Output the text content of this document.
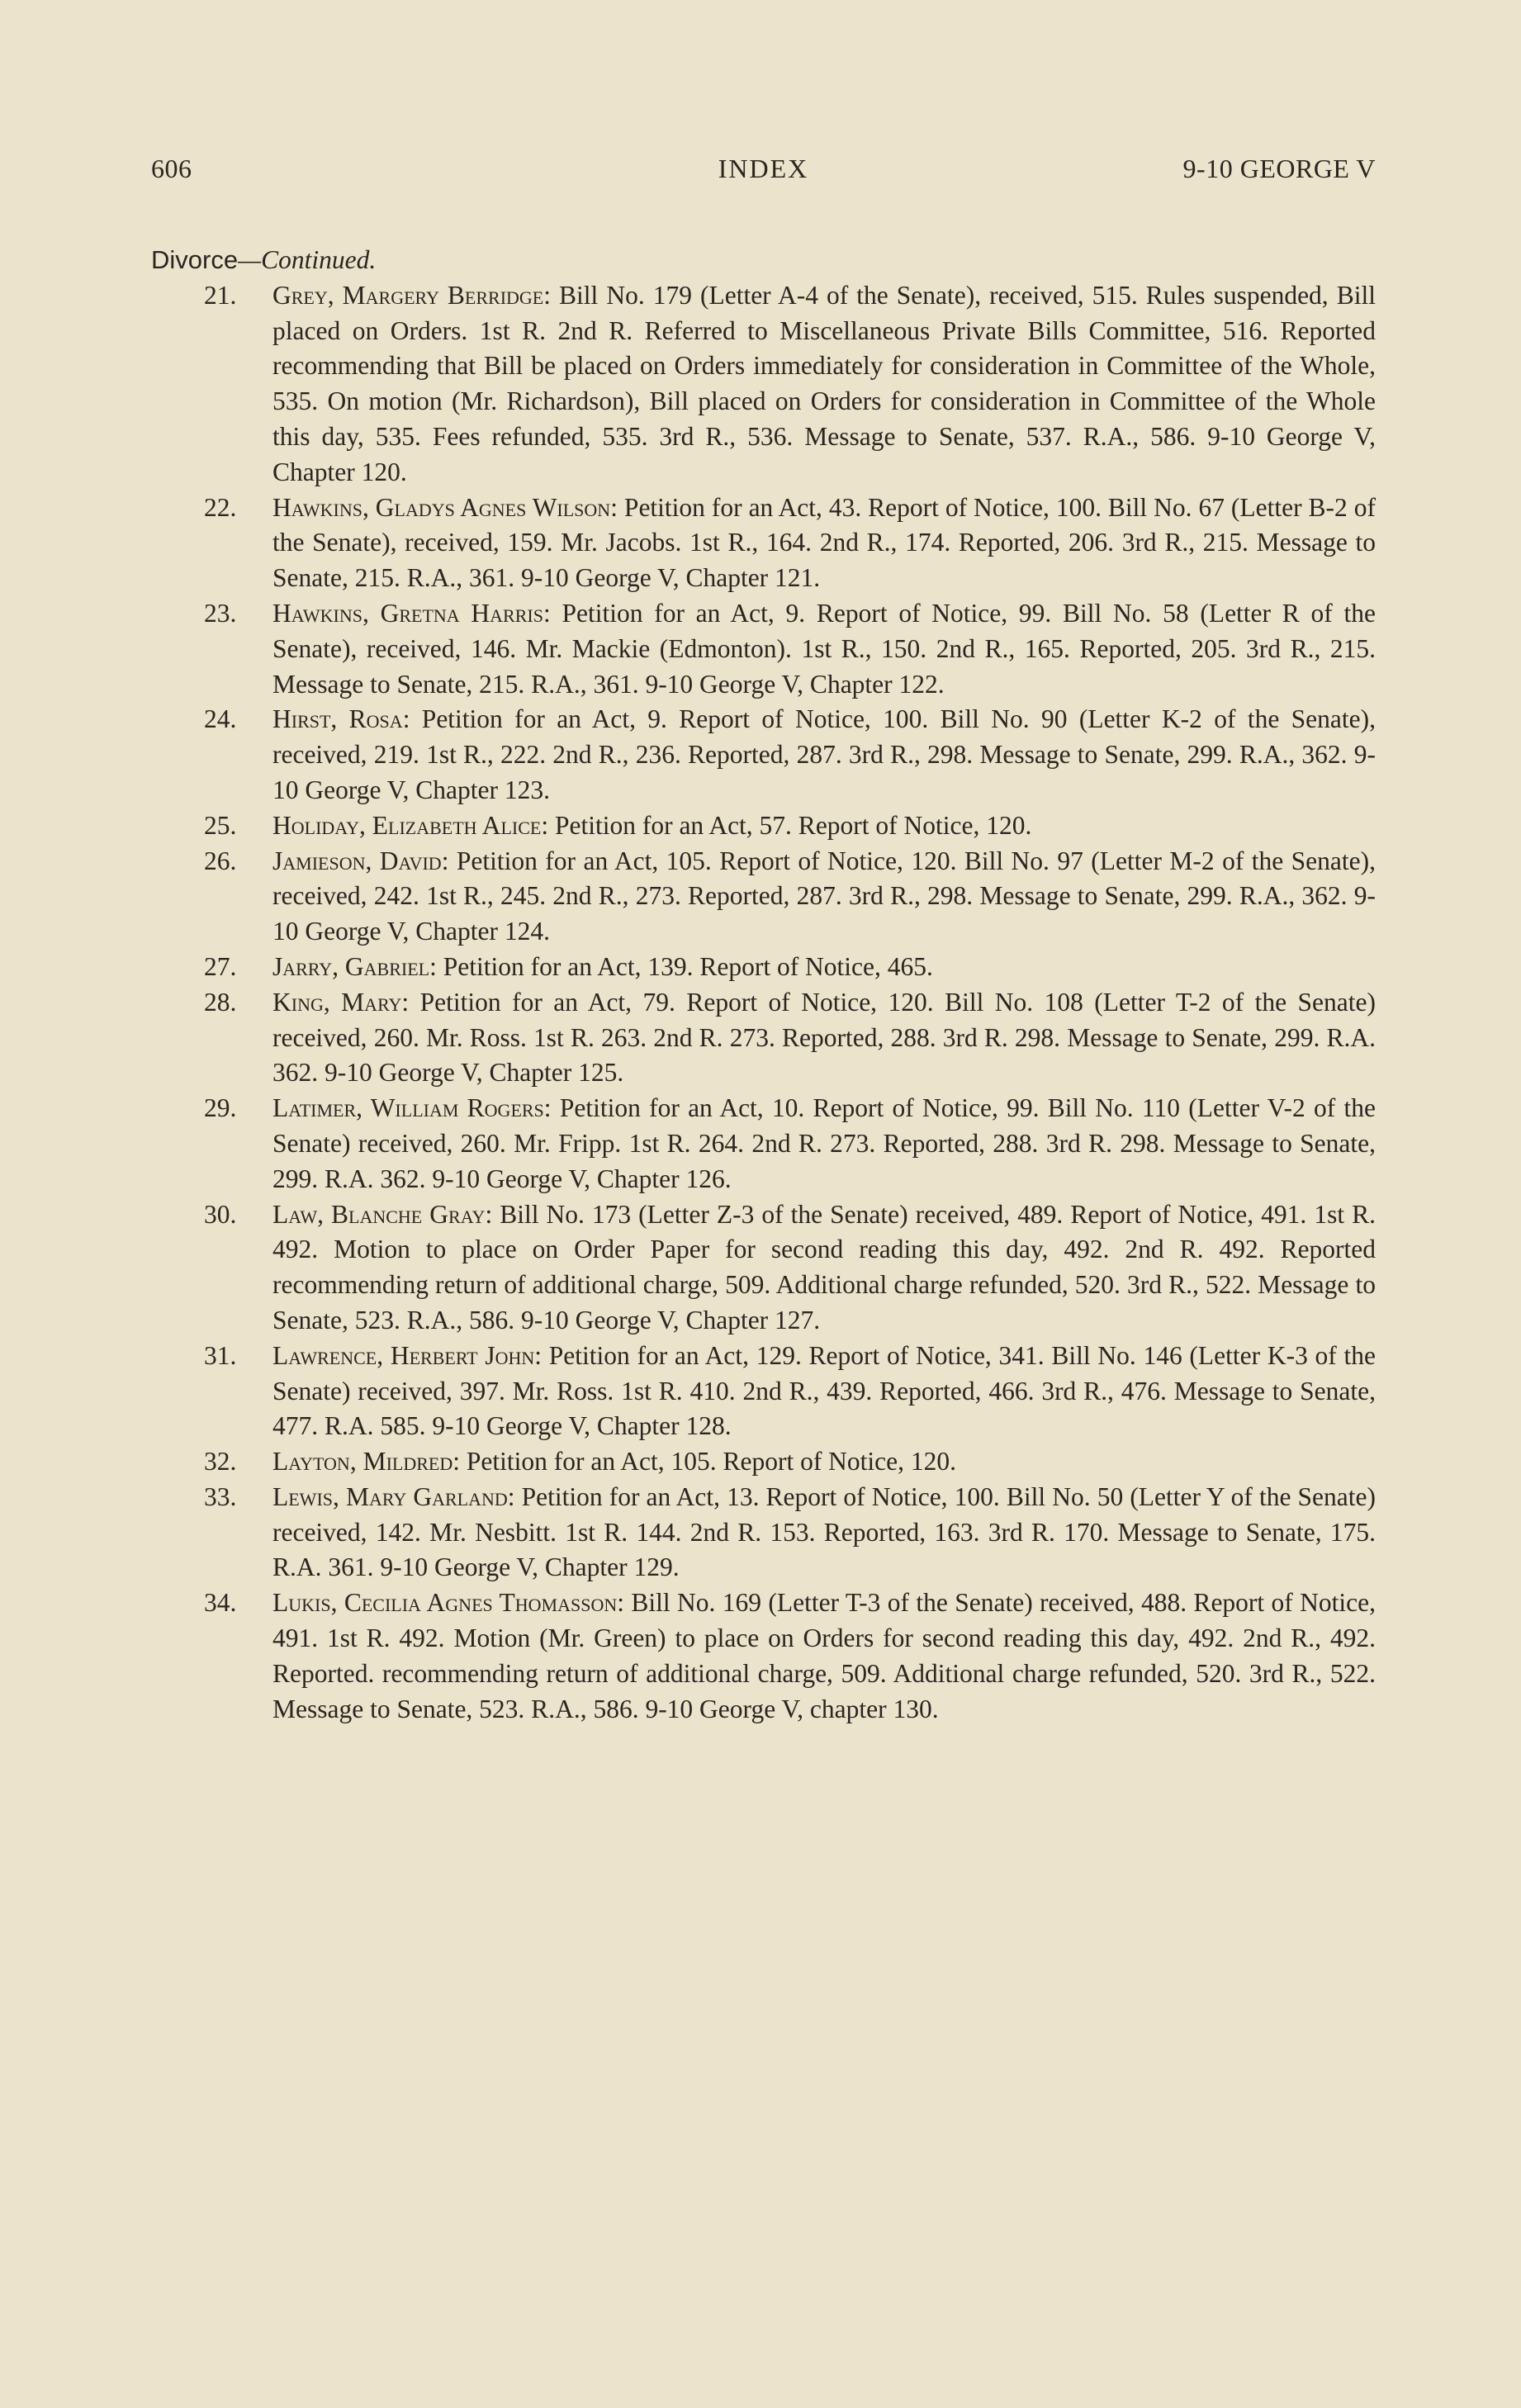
606	INDEX	9-10 GEORGE V

Divorce—Continued.

21.	Grey, Margery Berridge: Bill No. 179 (Letter A-4 of the Senate), received, 515. Rules suspended, Bill placed on Orders. 1st R. 2nd R. Referred to Miscellaneous Private Bills Committee, 516. Reported recommending that Bill be placed on Orders immediately for consideration in Committee of the Whole, 535. On motion (Mr. Richardson), Bill placed on Orders for consideration in Committee of the Whole this day, 535. Fees refunded, 535. 3rd R., 536. Message to Senate, 537. R.A., 586. 9-10 George V, Chapter 120.
22.	Hawkins, Gladys Agnes Wilson: Petition for an Act, 43. Report of Notice, 100. Bill No. 67 (Letter B-2 of the Senate), received, 159. Mr. Jacobs. 1st R., 164. 2nd R., 174. Reported, 206. 3rd R., 215. Message to Senate, 215. R.A., 361. 9-10 George V, Chapter 121.
23.	Hawkins, Gretna Harris: Petition for an Act, 9. Report of Notice, 99. Bill No. 58 (Letter R of the Senate), received, 146. Mr. Mackie (Edmonton). 1st R., 150. 2nd R., 165. Reported, 205. 3rd R., 215. Message to Senate, 215. R.A., 361. 9-10 George V, Chapter 122.
24.	Hirst, Rosa: Petition for an Act, 9. Report of Notice, 100. Bill No. 90 (Letter K-2 of the Senate), received, 219. 1st R., 222. 2nd R., 236. Reported, 287. 3rd R., 298. Message to Senate, 299. R.A., 362. 9-10 George V, Chapter 123.
25.	Holiday, Elizabeth Alice: Petition for an Act, 57. Report of Notice, 120.
26.	Jamieson, David: Petition for an Act, 105. Report of Notice, 120. Bill No. 97 (Letter M-2 of the Senate), received, 242. 1st R., 245. 2nd R., 273. Reported, 287. 3rd R., 298. Message to Senate, 299. R.A., 362. 9-10 George V, Chapter 124.
27.	Jarry, Gabriel: Petition for an Act, 139. Report of Notice, 465.
28.	King, Mary: Petition for an Act, 79. Report of Notice, 120. Bill No. 108 (Letter T-2 of the Senate) received, 260. Mr. Ross. 1st R. 263. 2nd R. 273. Reported, 288. 3rd R. 298. Message to Senate, 299. R.A. 362. 9-10 George V, Chapter 125.
29.	Latimer, William Rogers: Petition for an Act, 10. Report of Notice, 99. Bill No. 110 (Letter V-2 of the Senate) received, 260. Mr. Fripp. 1st R. 264. 2nd R. 273. Reported, 288. 3rd R. 298. Message to Senate, 299. R.A. 362. 9-10 George V, Chapter 126.
30.	Law, Blanche Gray: Bill No. 173 (Letter Z-3 of the Senate) received, 489. Report of Notice, 491. 1st R. 492. Motion to place on Order Paper for second reading this day, 492. 2nd R. 492. Reported recommending return of additional charge, 509. Additional charge refunded, 520. 3rd R., 522. Message to Senate, 523. R.A., 586. 9-10 George V, Chapter 127.
31.	Lawrence, Herbert John: Petition for an Act, 129. Report of Notice, 341. Bill No. 146 (Letter K-3 of the Senate) received, 397. Mr. Ross. 1st R. 410. 2nd R., 439. Reported, 466. 3rd R., 476. Message to Senate, 477. R.A. 585. 9-10 George V, Chapter 128.
32.	Layton, Mildred: Petition for an Act, 105. Report of Notice, 120.
33.	Lewis, Mary Garland: Petition for an Act, 13. Report of Notice, 100. Bill No. 50 (Letter Y of the Senate) received, 142. Mr. Nesbitt. 1st R. 144. 2nd R. 153. Reported, 163. 3rd R. 170. Message to Senate, 175. R.A. 361. 9-10 George V, Chapter 129.
34.	Lukis, Cecilia Agnes Thomasson: Bill No. 169 (Letter T-3 of the Senate) received, 488. Report of Notice, 491. 1st R. 492. Motion (Mr. Green) to place on Orders for second reading this day, 492. 2nd R., 492. Reported. recommending return of additional charge, 509. Additional charge refunded, 520. 3rd R., 522. Message to Senate, 523. R.A., 586. 9-10 George V, chapter 130.
